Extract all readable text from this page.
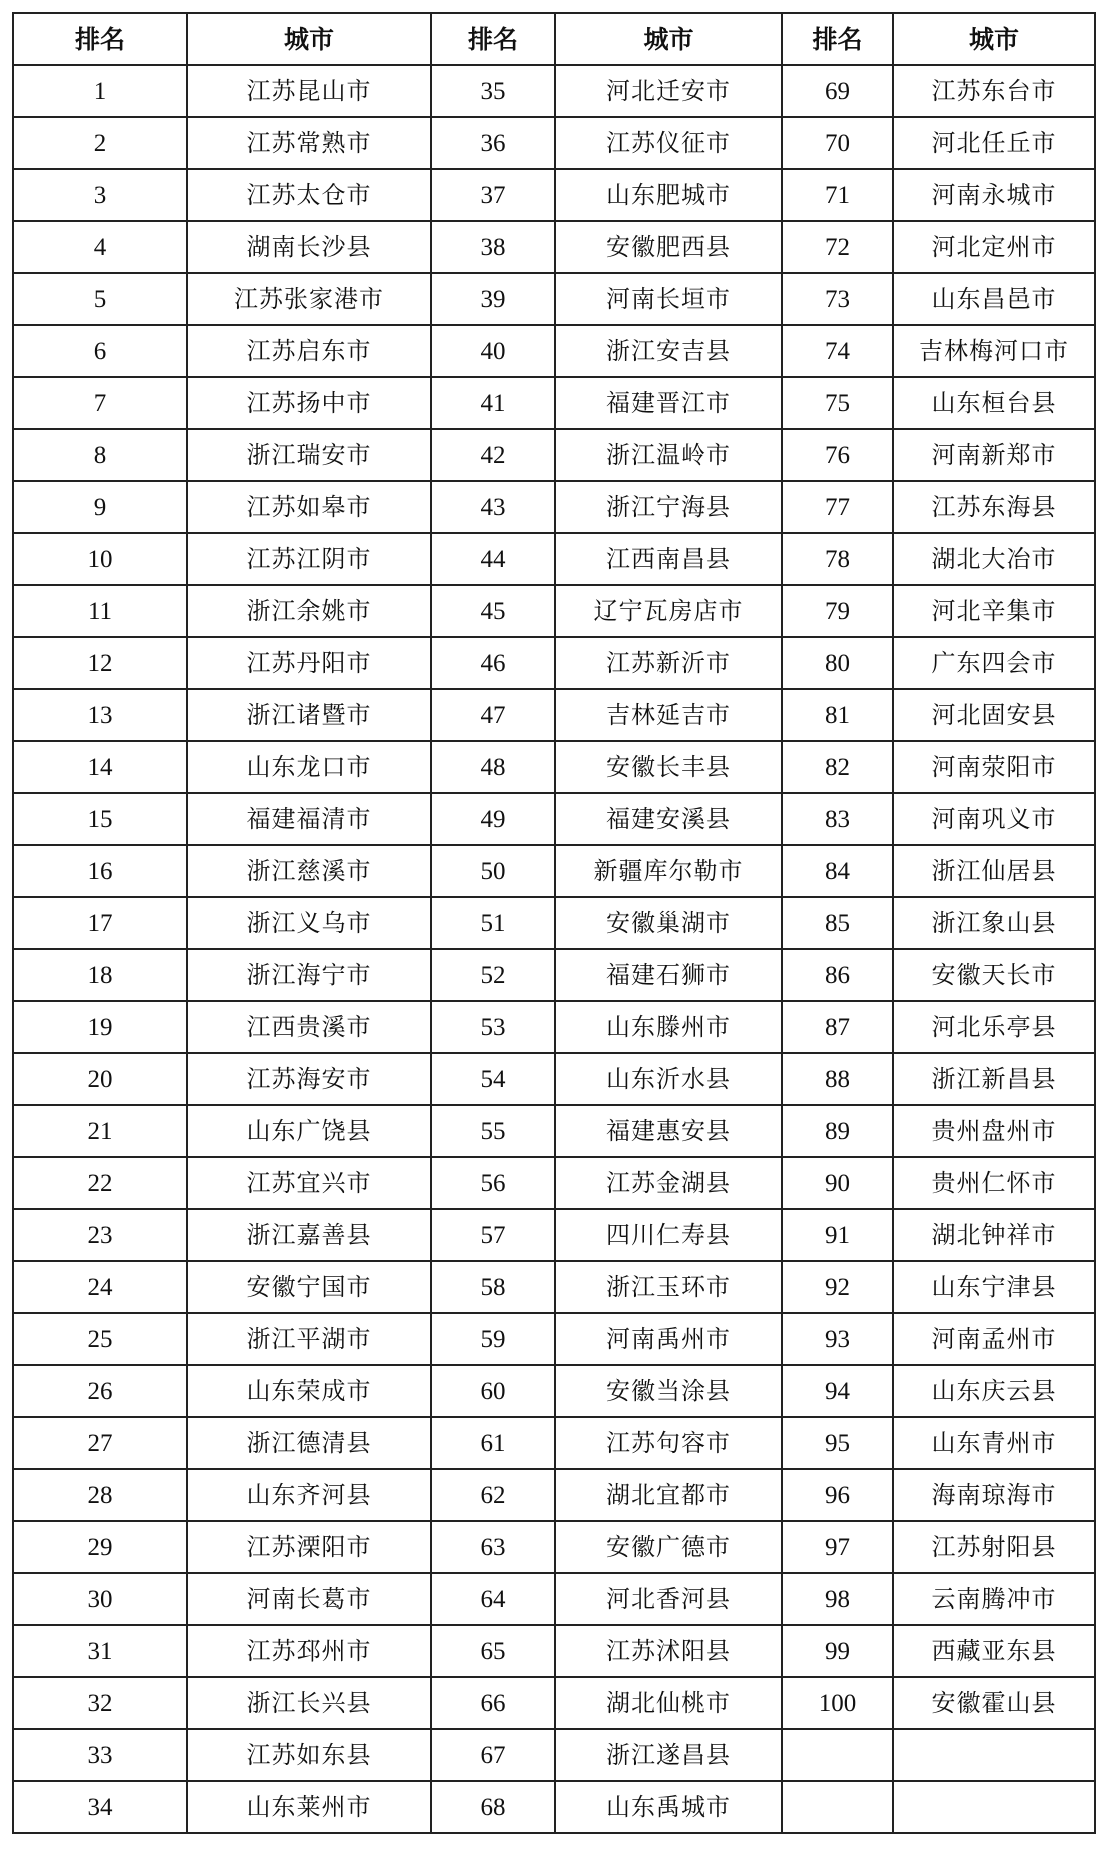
排名	城市	排名	城市	排名	城市
1	江苏昆山市	35	河北迁安市	69	江苏东台市
2	江苏常熟市	36	江苏仪征市	70	河北任丘市
3	江苏太仓市	37	山东肥城市	71	河南永城市
4	湖南长沙县	38	安徽肥西县	72	河北定州市
5	江苏张家港市	39	河南长垣市	73	山东昌邑市
6	江苏启东市	40	浙江安吉县	74	吉林梅河口市
7	江苏扬中市	41	福建晋江市	75	山东桓台县
8	浙江瑞安市	42	浙江温岭市	76	河南新郑市
9	江苏如皋市	43	浙江宁海县	77	江苏东海县
10	江苏江阴市	44	江西南昌县	78	湖北大冶市
11	浙江余姚市	45	辽宁瓦房店市	79	河北辛集市
12	江苏丹阳市	46	江苏新沂市	80	广东四会市
13	浙江诸暨市	47	吉林延吉市	81	河北固安县
14	山东龙口市	48	安徽长丰县	82	河南荥阳市
15	福建福清市	49	福建安溪县	83	河南巩义市
16	浙江慈溪市	50	新疆库尔勒市	84	浙江仙居县
17	浙江义乌市	51	安徽巢湖市	85	浙江象山县
18	浙江海宁市	52	福建石狮市	86	安徽天长市
19	江西贵溪市	53	山东滕州市	87	河北乐亭县
20	江苏海安市	54	山东沂水县	88	浙江新昌县
21	山东广饶县	55	福建惠安县	89	贵州盘州市
22	江苏宜兴市	56	江苏金湖县	90	贵州仁怀市
23	浙江嘉善县	57	四川仁寿县	91	湖北钟祥市
24	安徽宁国市	58	浙江玉环市	92	山东宁津县
25	浙江平湖市	59	河南禹州市	93	河南孟州市
26	山东荣成市	60	安徽当涂县	94	山东庆云县
27	浙江德清县	61	江苏句容市	95	山东青州市
28	山东齐河县	62	湖北宜都市	96	海南琼海市
29	江苏溧阳市	63	安徽广德市	97	江苏射阳县
30	河南长葛市	64	河北香河县	98	云南腾冲市
31	江苏邳州市	65	江苏沭阳县	99	西藏亚东县
32	浙江长兴县	66	湖北仙桃市	100	安徽霍山县
33	江苏如东县	67	浙江遂昌县		
34	山东莱州市	68	山东禹城市		
